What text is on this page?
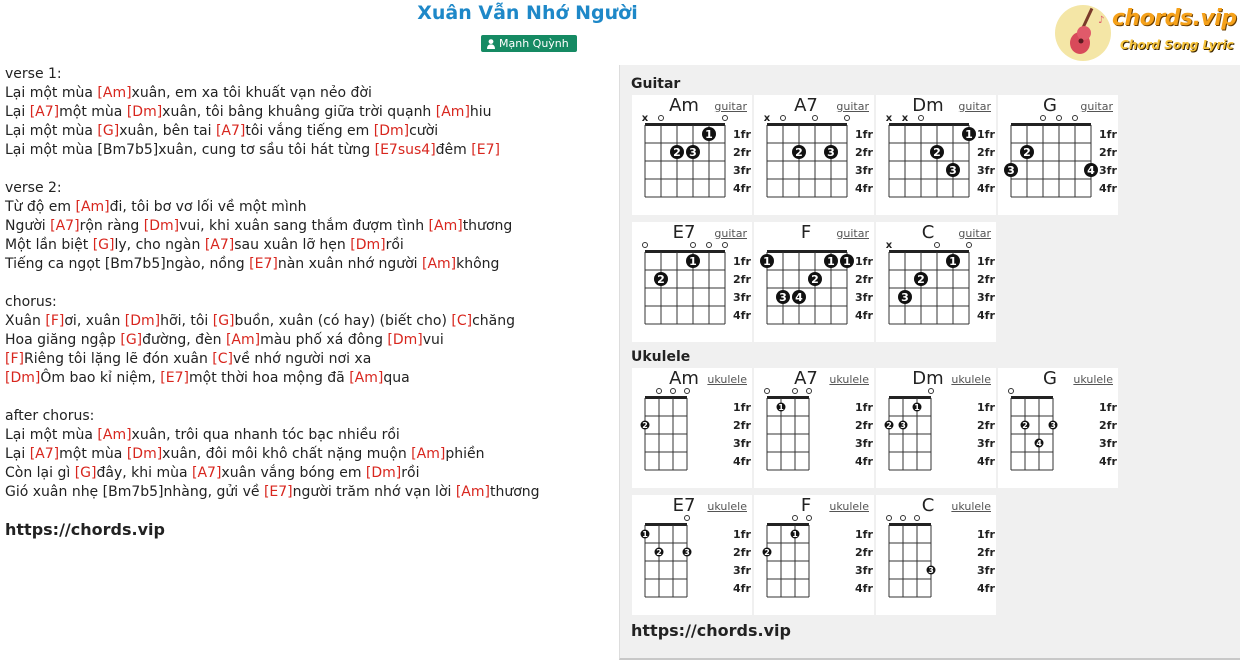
Xuân Vẫn Nhớ Người
Mạnh Quỳnh
♪ chords.vip
Chord Song Lyric
verse 1:
Lại một mùa [Am]xuân, em xa tôi khuất vạn nẻo đời
Lại [A7]một mùa [Dm]xuân, tôi bâng khuâng giữa trời quạnh [Am]hiu
Lại một mùa [G]xuân, bên tai [A7]tôi vắng tiếng em [Dm]cười
Lại một mùa [Bm7b5]xuân, cung tơ sầu tôi hát từng [E7sus4]đêm [E7]
verse 2:
Từ độ em [Am]đi, tôi bơ vơ lối về một mình
Người [A7]rộn ràng [Dm]vui, khi xuân sang thắm đượm tình [Am]thương
Một lần biệt [G]ly, cho ngàn [A7]sau xuân lỡ hẹn [Dm]rồi
Tiếng ca ngọt [Bm7b5]ngào, nồng [E7]nàn xuân nhớ người [Am]không
chorus:
Xuân [F]ơi, xuân [Dm]hỡi, tôi [G]buồn, xuân (có hay) (biết cho) [C]chăng
Hoa giăng ngập [G]đường, đèn [Am]màu phố xá đông [Dm]vui
[F]Riêng tôi lặng lẽ đón xuân [C]về nhớ người nơi xa
[Dm]Ôm bao kỉ niệm, [E7]một thời hoa mộng đã [Am]qua
after chorus:
Lại một mùa [Am]xuân, trôi qua nhanh tóc bạc nhiều rồi
Lại [A7]một mùa [Dm]xuân, đôi môi khô chất nặng muộn [Am]phiền
Còn lại gì [G]đây, khi mùa [A7]xuân vắng bóng em [Dm]rồi
Gió xuân nhẹ [Bm7b5]nhàng, gửi về [E7]người trăm nhớ vạn lời [Am]thương
https://chords.vip
Guitar
1fr
2fr
3fr
4fr
x
1
2 3
Am	guitar
1fr
2fr
3fr
4fr
x
2 3
A7	guitar
1fr
2fr
3fr
4fr
x x
1
2
3
Dm	guitar
1fr
2fr
3fr
4fr
2
3	4
G	guitar
1fr
2fr
3fr
4fr
1
2
E7	guitar
1fr
2fr
3fr
4fr
1	1 1
2
3 4
F	guitar
1fr
2fr
3fr
4fr
x
1
2
3
C	guitar
Ukulele
1fr
2fr
3fr
4fr
2
Am ukulele
1fr
2fr
3fr
4fr
1
A7	ukulele
1fr
2fr
3fr
4fr
1
2 3
Dm ukulele
1fr
2fr
3fr
4fr
2	3
4
G	ukulele
1fr
2fr
3fr
4fr
1
2	3
E7	ukulele
1fr
2fr
3fr
4fr
1
2
F	ukulele
1fr
2fr
3fr
4fr
3
C	ukulele
https://chords.vip
